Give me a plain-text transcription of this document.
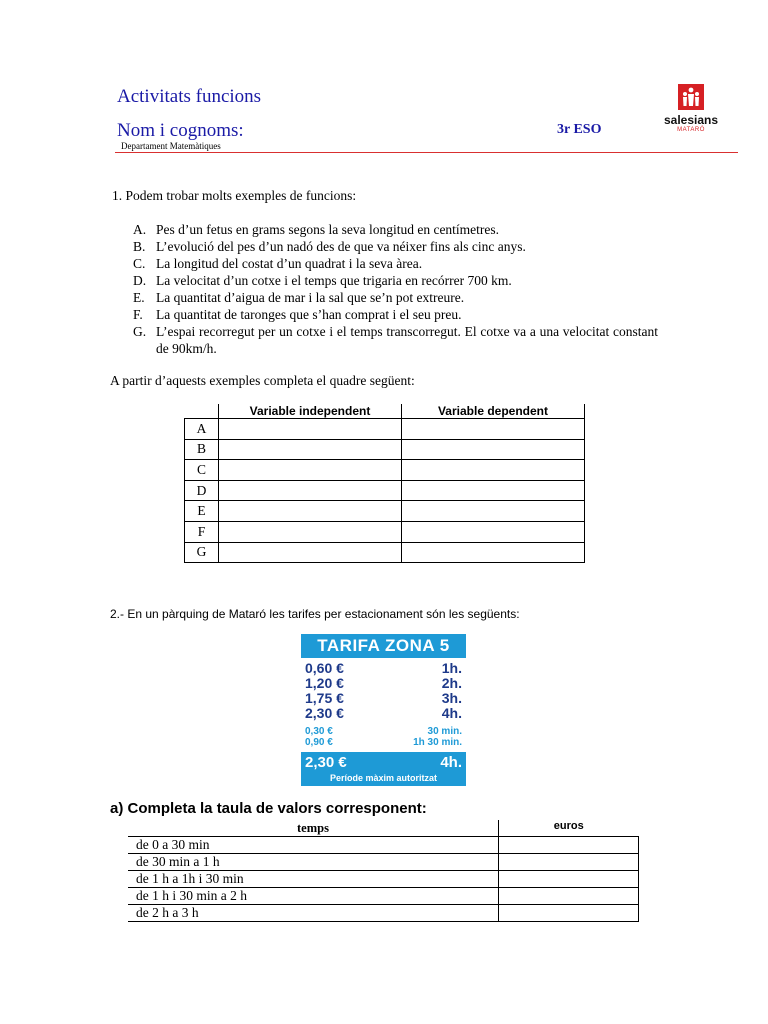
Activitats funcions
Nom i cognoms:	3r ESO
Departament Matemàtiques
salesians
MATARÓ
1. Podem trobar molts exemples de funcions:
A. Pes d’un fetus en grams segons la seva longitud en centímetres.
B. L’evolució del pes d’un nadó des de que va néixer fins als cinc anys.
C. La longitud del costat d’un quadrat i la seva àrea.
D. La velocitat d’un cotxe i el temps que trigaria en recórrer 700 km.
E. La quantitat d’aigua de mar i la sal que se’n pot extreure.
F. La quantitat de taronges que s’han comprat i el seu preu.
G. L’espai recorregut per un cotxe i el temps transcorregut. El cotxe va a una velocitat constant de 90km/h.
A partir d’aquests exemples completa el quadre següent:
	Variable independent	Variable dependent
A		
B		
C		
D		
E		
F		
G		
2.- En un pàrquing de Mataró les tarifes per estacionament són les següents:
TARIFA ZONA 5
0,60 €	1h.
1,20 €	2h.
1,75 €	3h.
2,30 €	4h.
0,30 €	30 min.
0,90 €	1h 30 min.
2,30 €	4h.
Període màxim autoritzat
a) Completa la taula de valors corresponent:
temps	euros
de 0 a 30 min	
de 30 min a 1 h	
de 1 h a 1h i 30 min	
de 1 h i 30 min a 2 h	
de 2 h a 3 h	
